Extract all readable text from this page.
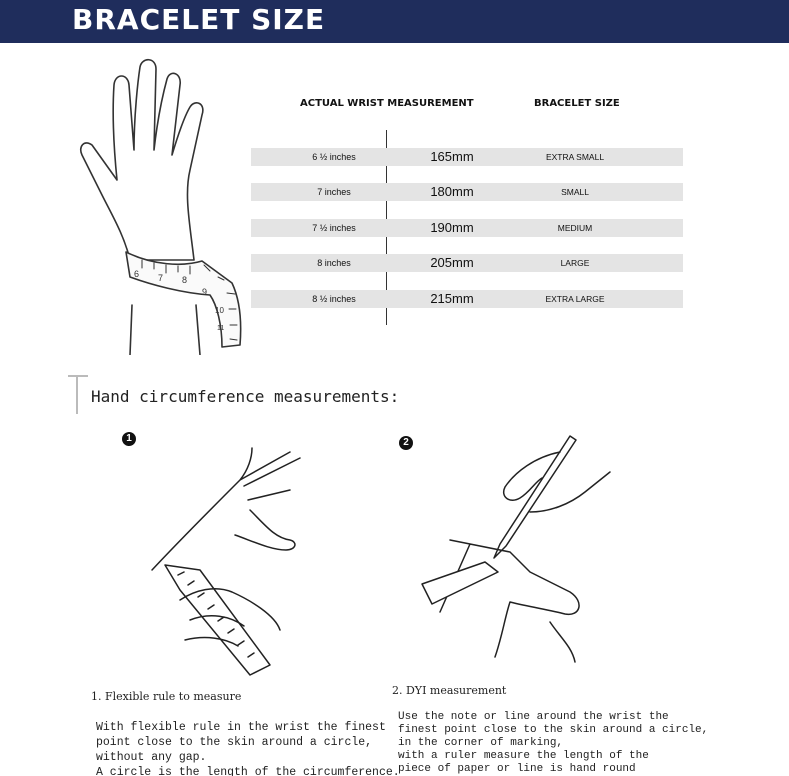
BRACELET SIZE
6 7 8
9
10
11
ACTUAL WRIST MEASUREMENT	BRACELET SIZE
6 ½ inches	165mm	EXTRA SMALL
7 inches	180mm	SMALL
7 ½ inches	190mm	MEDIUM
8 inches	205mm	LARGE
8 ½ inches	215mm	EXTRA LARGE
Hand circumference measurements:
1	2
1. Flexible rule to measure	2. DYI measurement
With flexible rule in the wrist the finest
point close to the skin around a circle,
without any gap.
A circle is the length of the circumference.
Use the note or line around the wrist the
finest point close to the skin around a circle,
in the corner of marking,
with a ruler measure the length of the
piece of paper or line is hand round
